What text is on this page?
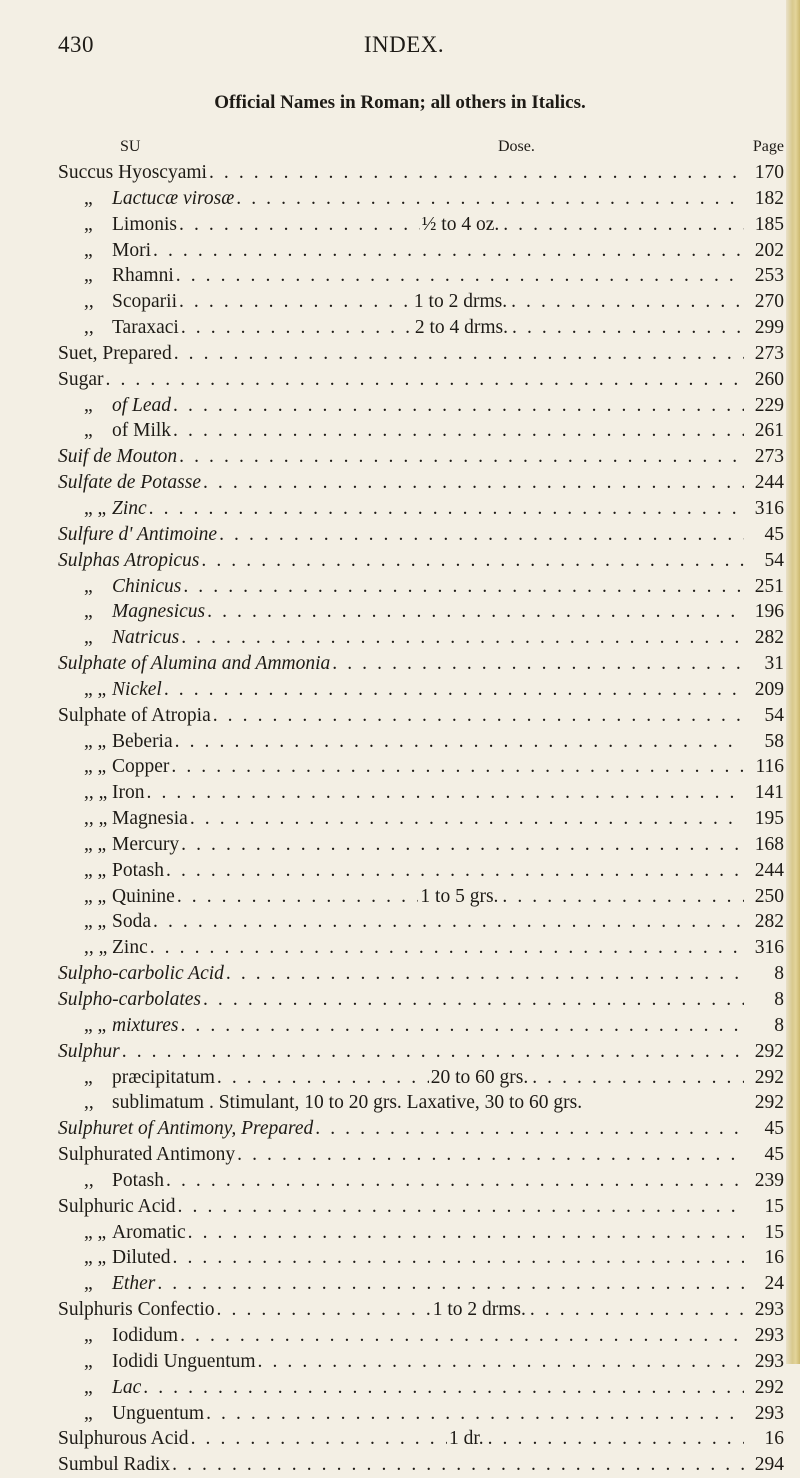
430	INDEX.
Official Names in Roman; all others in Italics.
SU	Dose.	Page
Succus Hyoscyami . . .	170
„ Lactucæ virosæ . . .	182
„ Limonis . . .	½ to 4 oz. . . .	185
„ Mori . . .	202
„ Rhamni . . .	253
,, Scoparii . . .	1 to 2 drms. . . .	270
,, Taraxaci . . .	2 to 4 drms. . . .	299
Suet, Prepared . . .	273
Sugar . . .	260
„ of Lead . . .	229
„ of Milk . . .	261
Suif de Mouton . . .	273
Sulfate de Potasse . . .	244
„ „ Zinc . . .	316
Sulfure d' Antimoine . . .	45
Sulphas Atropicus . . .	54
„ Chinicus . . .	251
„ Magnesicus . . .	196
„ Natricus . . .	282
Sulphate of Alumina and Ammonia . . .	31
„ „ Nickel . . .	209
Sulphate of Atropia . . .	54
„ „ Beberia . . .	58
„ „ Copper . . .	116
,, „ Iron . . .	141
,, „ Magnesia . . .	195
„ „ Mercury . . .	168
„ „ Potash . . .	244
„ „ Quinine . . .	1 to 5 grs. . . .	250
„ „ Soda . . .	282
,, „ Zinc . . .	316
Sulpho-carbolic Acid . . .	8
Sulpho-carbolates . . .	8
„ „ mixtures . . .	8
Sulphur . . .	292
„ præcipitatum . . .	20 to 60 grs. . . .	292
,, sublimatum . Stimulant, 10 to 20 grs. Laxative, 30 to 60 grs.	292
Sulphuret of Antimony, Prepared . . .	45
Sulphurated Antimony . . .	45
,, Potash . . .	239
Sulphuric Acid . . .	15
„ „ Aromatic . . .	15
„ „ Diluted . . .	16
„ Ether . . .	24
Sulphuris Confectio . . .	1 to 2 drms. . . .	293
„ Iodidum . . .	293
„ Iodidi Unguentum . . .	293
„ Lac . . .	292
„ Unguentum . . .	293
Sulphurous Acid . . .	1 dr. . . .	16
Sumbul Radix . . .	294
